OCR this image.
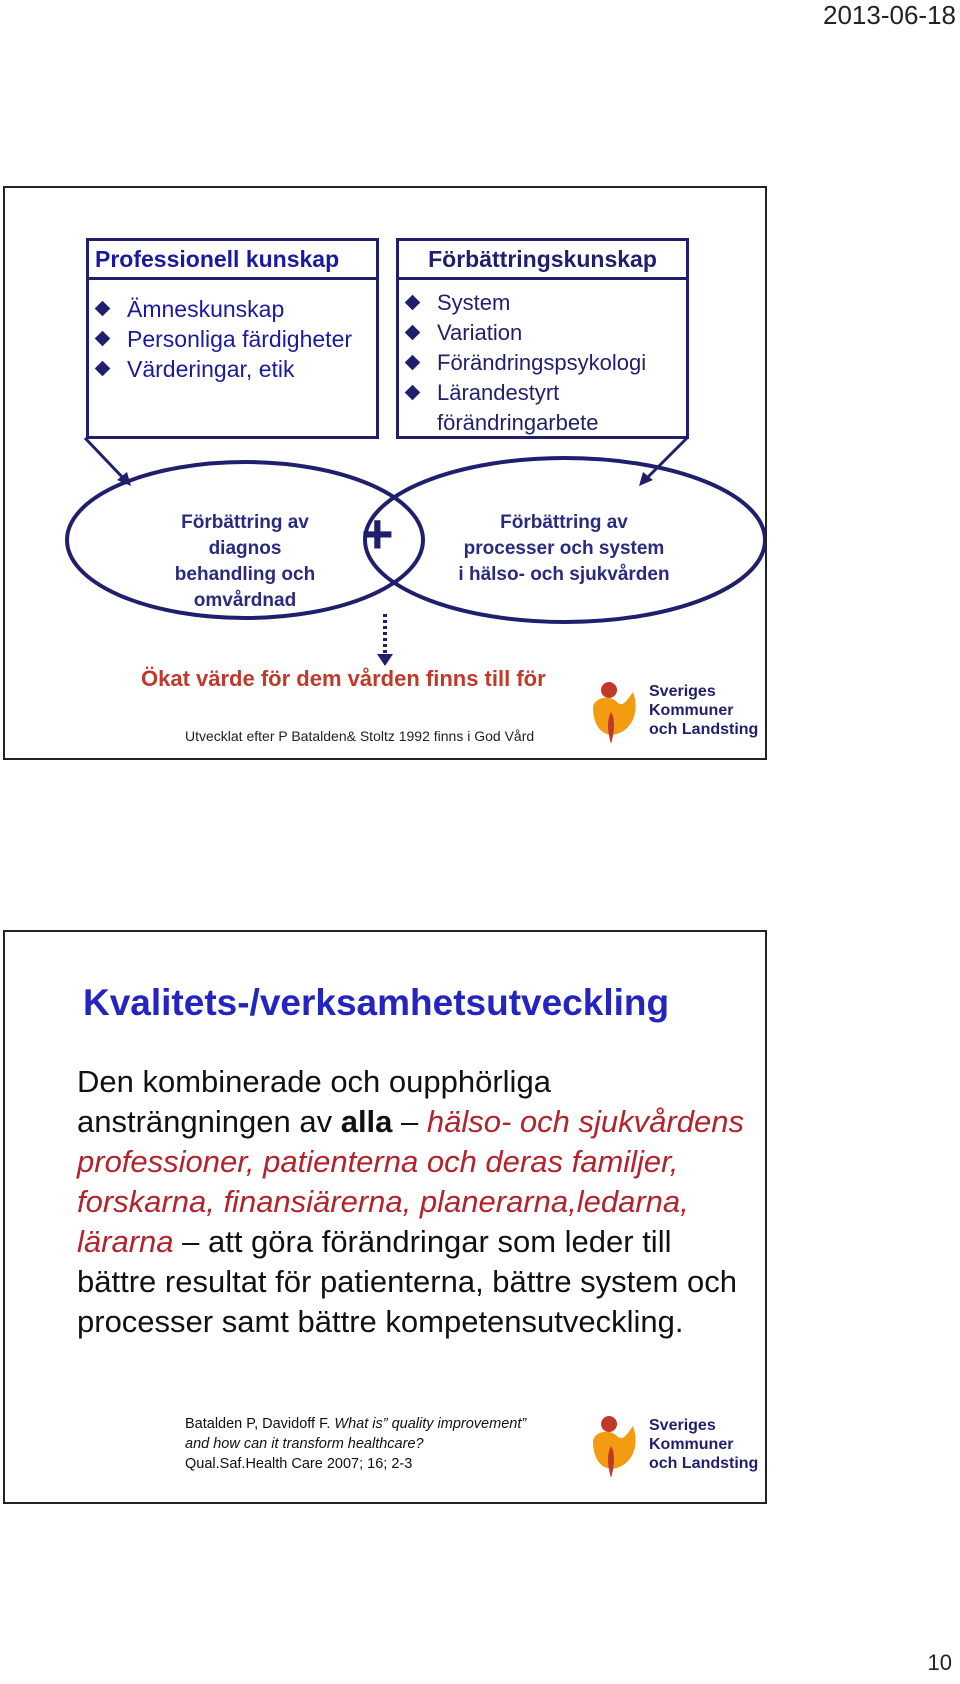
2013-06-18
Professionell kunskap
Ämneskunskap
Personliga färdigheter
Värderingar, etik
Förbättringskunskap
System
Variation
Förändringspsykologi
Lärandestyrt
förändringarbete
Förbättring av
diagnos
behandling och
omvårdnad
Förbättring av
processer och system
i hälso- och sjukvården
+
Ökat värde för dem vården finns till för
Utvecklat efter P Batalden& Stoltz 1992 finns i God Vård
Sveriges
Kommuner
och Landsting
Kvalitets-/verksamhetsutveckling
Den kombinerade och oupphörliga ansträngningen av alla – hälso- och sjukvårdens professioner, patienterna och deras familjer, forskarna, finansiärerna, planerarna,ledarna, lärarna – att göra förändringar som leder till bättre resultat för patienterna, bättre system och processer samt bättre kompetensutveckling.
Batalden P, Davidoff F. What is” quality improvement”
and how can it transform healthcare?
Qual.Saf.Health Care 2007; 16; 2-3
Sveriges
Kommuner
och Landsting
10
